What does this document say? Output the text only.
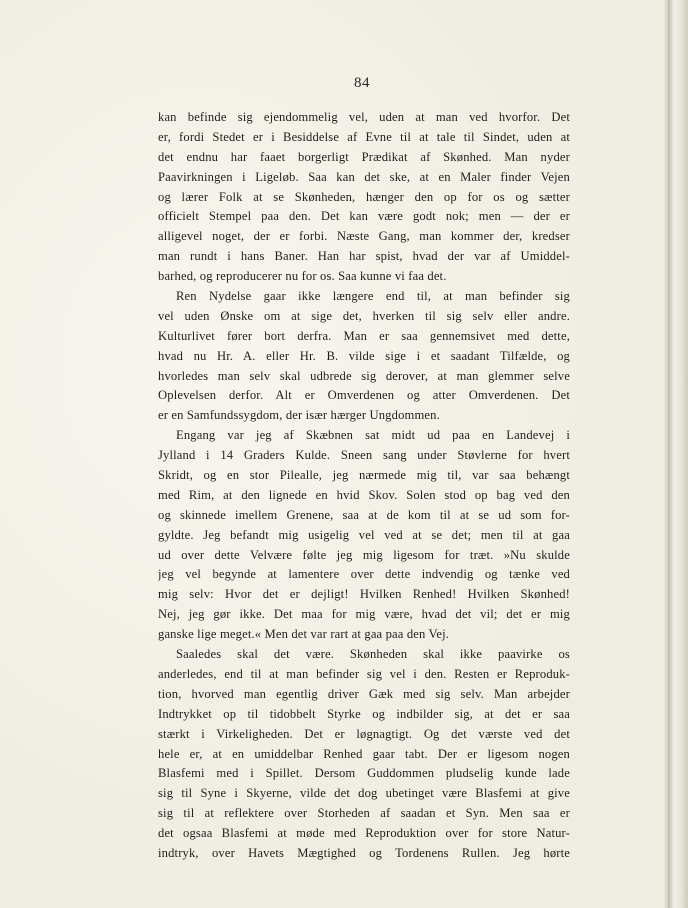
84
kan befinde sig ejendommelig vel, uden at man ved hvorfor. Det
er, fordi Stedet er i Besiddelse af Evne til at tale til Sindet, uden at
det endnu har faaet borgerligt Prædikat af Skønhed. Man nyder
Paavirkningen i Ligeløb. Saa kan det ske, at en Maler finder Vejen
og lærer Folk at se Skønheden, hænger den op for os og sætter
officielt Stempel paa den. Det kan være godt nok; men — der er
alligevel noget, der er forbi. Næste Gang, man kommer der, kredser
man rundt i hans Baner. Han har spist, hvad der var af Umiddel-
barhed, og reproducerer nu for os. Saa kunne vi faa det.
Ren Nydelse gaar ikke længere end til, at man befinder sig
vel uden Ønske om at sige det, hverken til sig selv eller andre.
Kulturlivet fører bort derfra. Man er saa gennemsivet med dette,
hvad nu Hr. A. eller Hr. B. vilde sige i et saadant Tilfælde, og
hvorledes man selv skal udbrede sig derover, at man glemmer selve
Oplevelsen derfor. Alt er Omverdenen og atter Omverdenen. Det
er en Samfundssygdom, der især hærger Ungdommen.
Engang var jeg af Skæbnen sat midt ud paa en Landevej i
Jylland i 14 Graders Kulde. Sneen sang under Støvlerne for hvert
Skridt, og en stor Pilealle, jeg nærmede mig til, var saa behængt
med Rim, at den lignede en hvid Skov. Solen stod op bag ved den
og skinnede imellem Grenene, saa at de kom til at se ud som for-
gyldte. Jeg befandt mig usigelig vel ved at se det; men til at gaa
ud over dette Velvære følte jeg mig ligesom for træt. »Nu skulde
jeg vel begynde at lamentere over dette indvendig og tænke ved
mig selv: Hvor det er dejligt! Hvilken Renhed! Hvilken Skønhed!
Nej, jeg gør ikke. Det maa for mig være, hvad det vil; det er mig
ganske lige meget.« Men det var rart at gaa paa den Vej.
Saaledes skal det være. Skønheden skal ikke paavirke os
anderledes, end til at man befinder sig vel i den. Resten er Reproduk-
tion, hvorved man egentlig driver Gæk med sig selv. Man arbejder
Indtrykket op til tidobbelt Styrke og indbilder sig, at det er saa
stærkt i Virkeligheden. Det er løgnagtigt. Og det værste ved det
hele er, at en umiddelbar Renhed gaar tabt. Der er ligesom nogen
Blasfemi med i Spillet. Dersom Guddommen pludselig kunde lade
sig til Syne i Skyerne, vilde det dog ubetinget være Blasfemi at give
sig til at reflektere over Storheden af saadan et Syn. Men saa er
det ogsaa Blasfemi at møde med Reproduktion over for store Natur-
indtryk, over Havets Mægtighed og Tordenens Rullen. Jeg hørte
